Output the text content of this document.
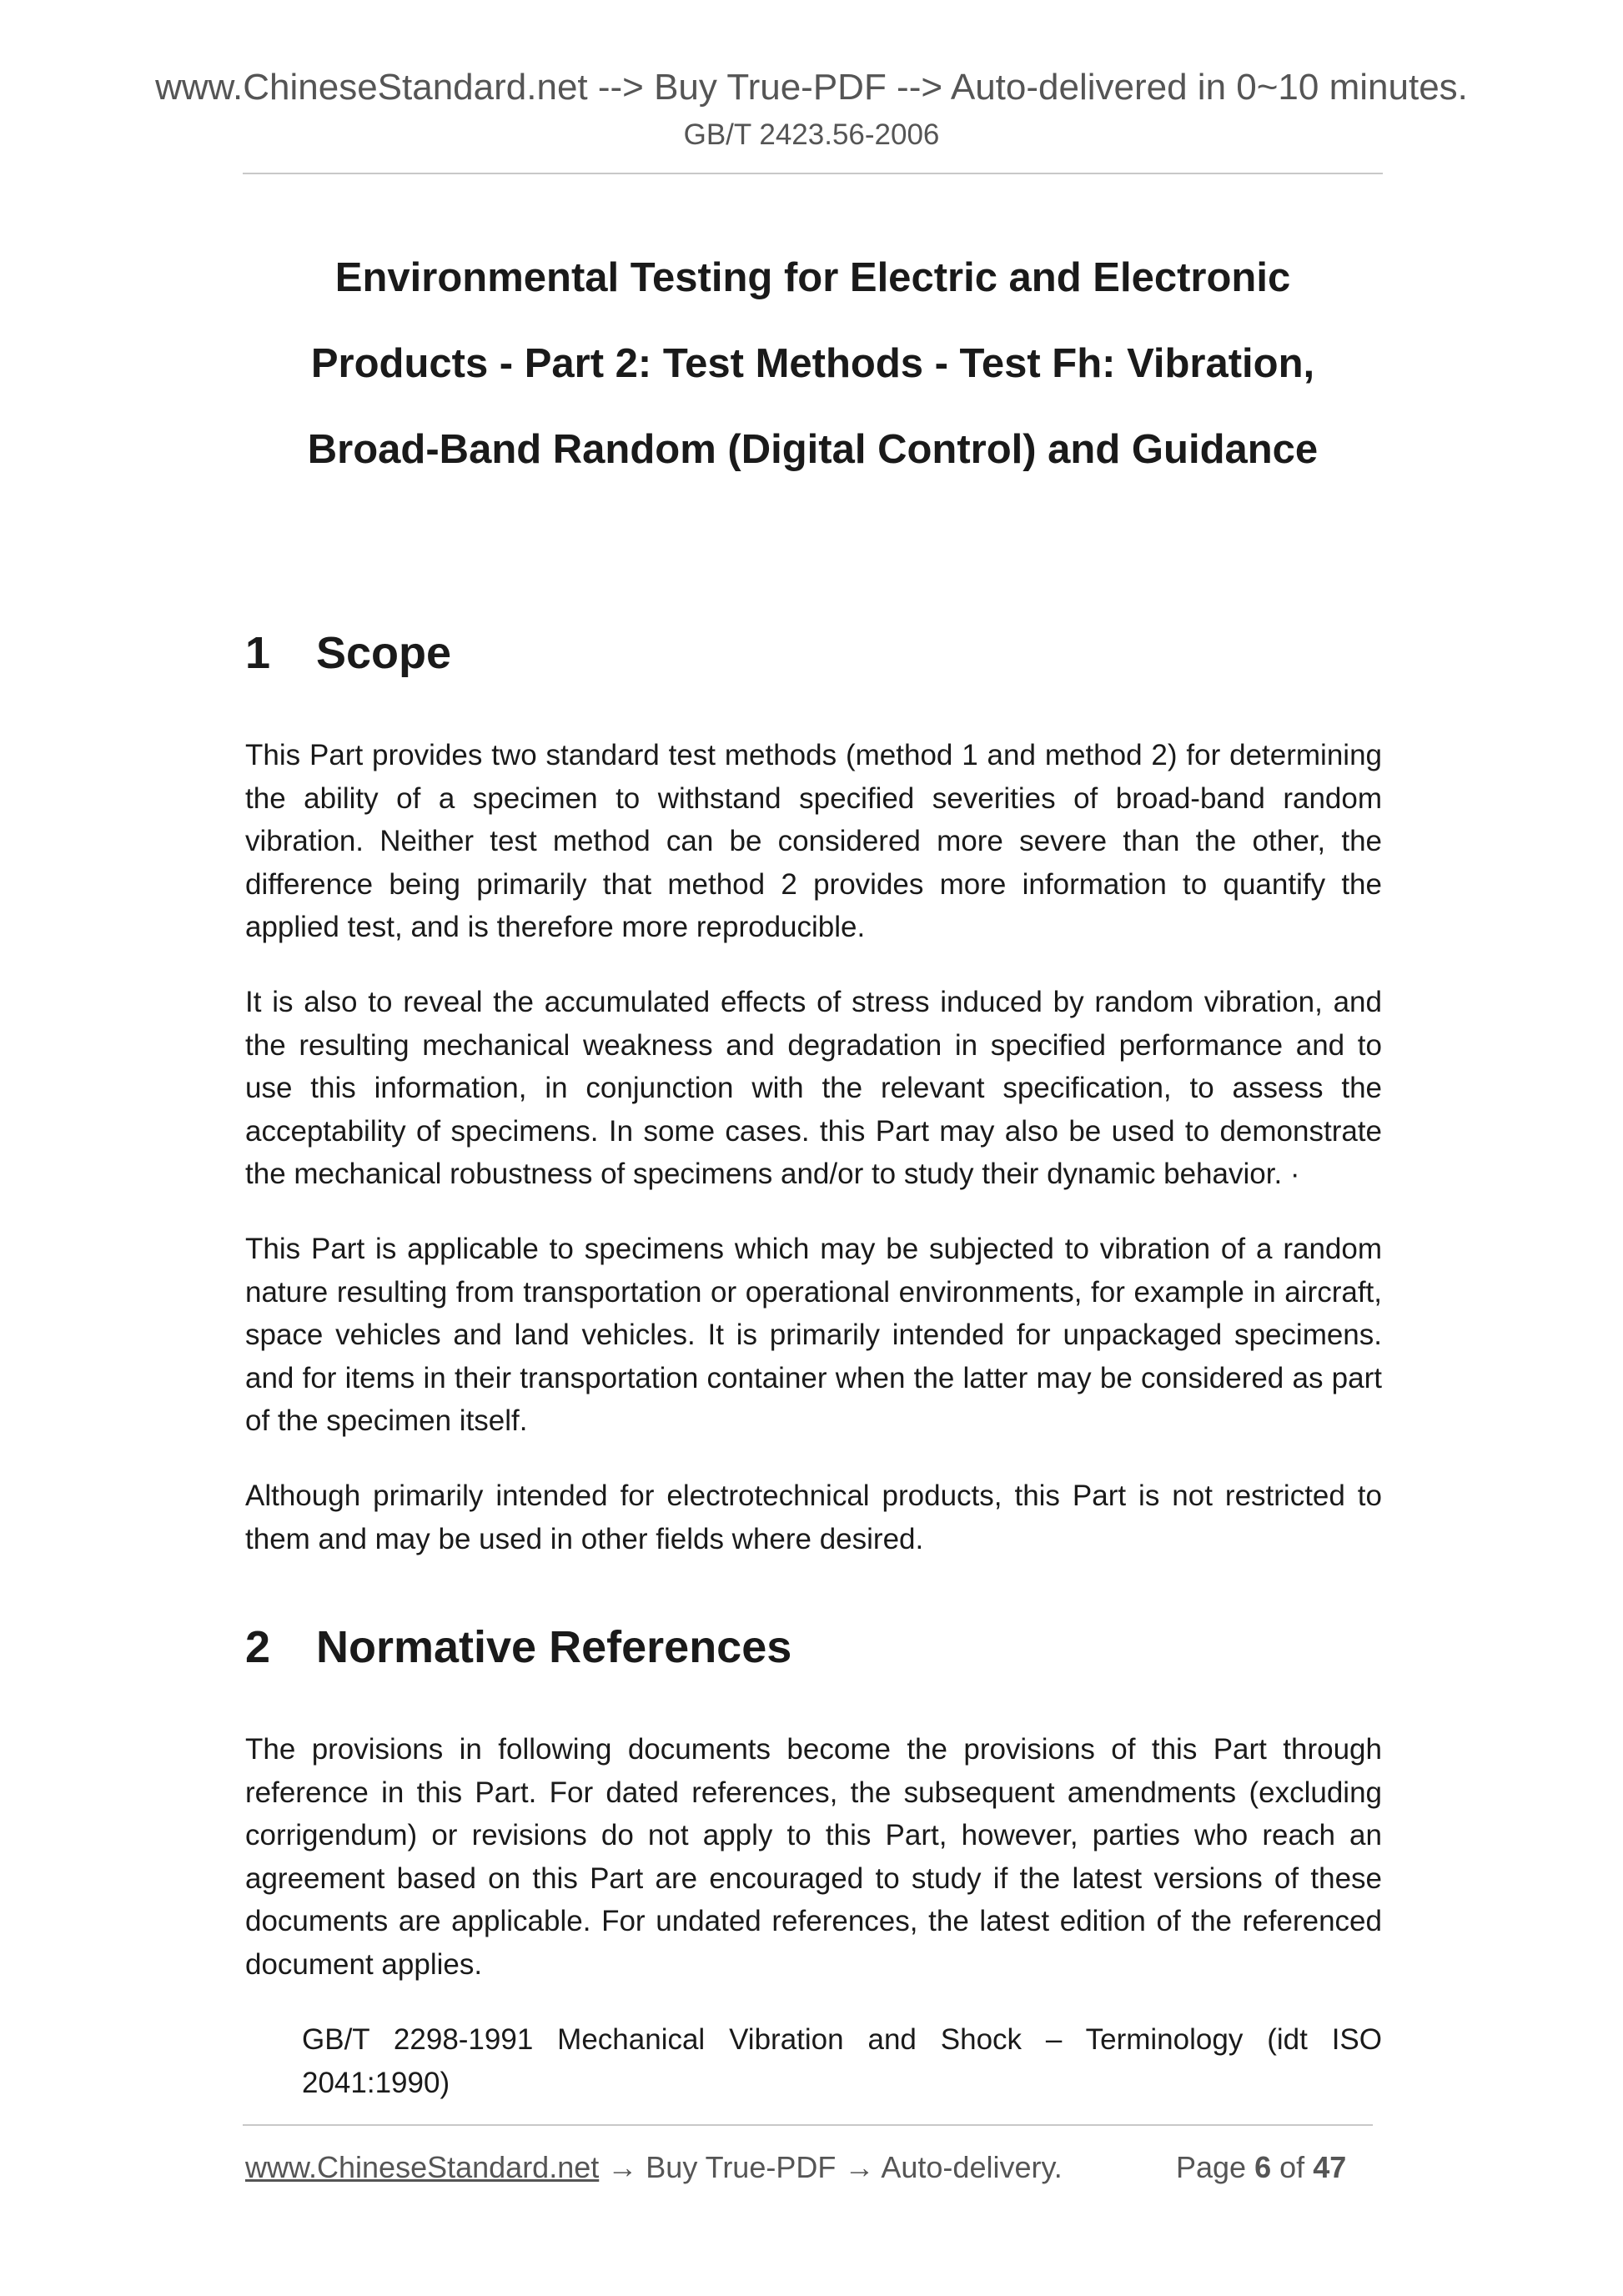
www.ChineseStandard.net --> Buy True-PDF --> Auto-delivered in 0~10 minutes.
GB/T 2423.56-2006
Environmental Testing for Electric and Electronic
Products - Part 2: Test Methods - Test Fh: Vibration,
Broad-Band Random (Digital Control) and Guidance
1 Scope
This Part provides two standard test methods (method 1 and method 2) for determining the ability of a specimen to withstand specified severities of broad-band random vibration. Neither test method can be considered more severe than the other, the difference being primarily that method 2 provides more information to quantify the applied test, and is therefore more reproducible.
It is also to reveal the accumulated effects of stress induced by random vibration, and the resulting mechanical weakness and degradation in specified performance and to use this information, in conjunction with the relevant specification, to assess the acceptability of specimens. In some cases. this Part may also be used to demonstrate the mechanical robustness of specimens and/or to study their dynamic behavior. ·
This Part is applicable to specimens which may be subjected to vibration of a random nature resulting from transportation or operational environments, for example in aircraft, space vehicles and land vehicles. It is primarily intended for unpackaged specimens. and for items in their transportation container when the latter may be considered as part of the specimen itself.
Although primarily intended for electrotechnical products, this Part is not restricted to them and may be used in other fields where desired.
2 Normative References
The provisions in following documents become the provisions of this Part through reference in this Part. For dated references, the subsequent amendments (excluding corrigendum) or revisions do not apply to this Part, however, parties who reach an agreement based on this Part are encouraged to study if the latest versions of these documents are applicable. For undated references, the latest edition of the referenced document applies.
GB/T 2298-1991 Mechanical Vibration and Shock – Terminology (idt ISO 2041:1990)
www.ChineseStandard.net → Buy True-PDF → Auto-delivery.	Page 6 of 47
